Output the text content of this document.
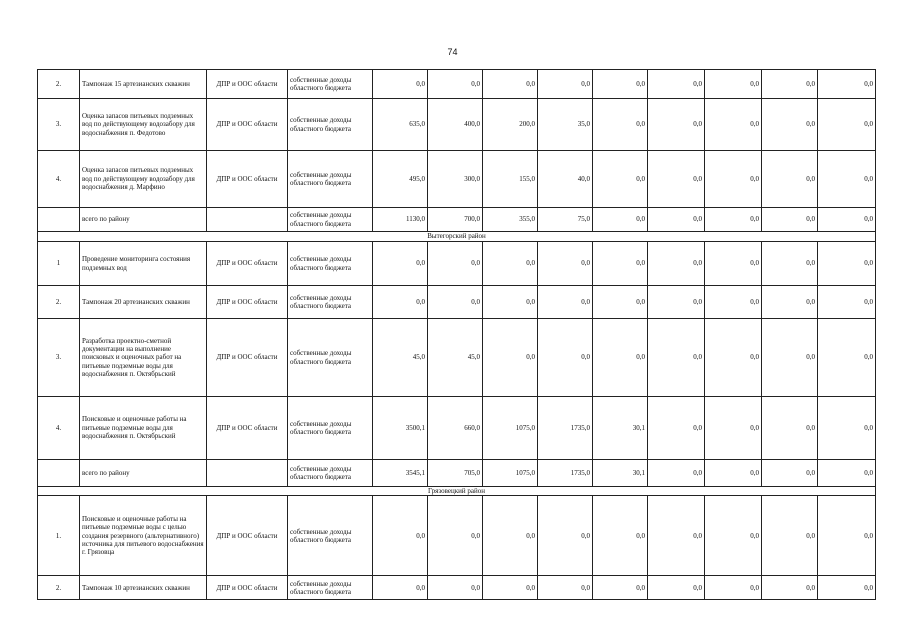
74
2.	Тампонаж 15 артезианских скважин	ДПР и ООС области	собственные доходы областного бюджета	0,0	0,0	0,0	0,0	0,0	0,0	0,0	0,0	0,0
3.	Оценка запасов питьевых подземных вод по действующему водозабору для водоснабжения п. Федотово	ДПР и ООС области	собственные доходы областного бюджета	635,0	400,0	200,0	35,0	0,0	0,0	0,0	0,0	0,0
4.	Оценка запасов питьевых подземных вод по действующему водозабору для водоснабжения д. Марфино	ДПР и ООС области	собственные доходы областного бюджета	495,0	300,0	155,0	40,0	0,0	0,0	0,0	0,0	0,0
	всего по району		собственные доходы областного бюджета	1130,0	700,0	355,0	75,0	0,0	0,0	0,0	0,0	0,0
Вытегорский район												
1	Проведение мониторинга состояния подземных вод	ДПР и ООС области	собственные доходы областного бюджета	0,0	0,0	0,0	0,0	0,0	0,0	0,0	0,0	0,0
2.	Тампонаж 20 артезианских скважин	ДПР и ООС области	собственные доходы областного бюджета	0,0	0,0	0,0	0,0	0,0	0,0	0,0	0,0	0,0
3.	Разработка проектно-сметной документации на выполнение поисковых и оценочных работ на питьевые подземные воды для водоснабжения п. Октябрьский	ДПР и ООС области	собственные доходы областного бюджета	45,0	45,0	0,0	0,0	0,0	0,0	0,0	0,0	0,0
4.	Поисковые и оценочные работы на питьевые подземные воды для водоснабжения п. Октябрьский	ДПР и ООС области	собственные доходы областного бюджета	3500,1	660,0	1075,0	1735,0	30,1	0,0	0,0	0,0	0,0
	всего по району		собственные доходы областного бюджета	3545,1	705,0	1075,0	1735,0	30,1	0,0	0,0	0,0	0,0
Грязовецкий район												
1.	Поисковые и оценочные работы на питьевые подземные воды с целью создания резервного (альтернативного) источника для питьевого водоснабжения г. Грязовца	ДПР и ООС области	собственные доходы областного бюджета	0,0	0,0	0,0	0,0	0,0	0,0	0,0	0,0	0,0
2.	Тампонаж 10 артезианских скважин	ДПР и ООС области	собственные доходы областного бюджета	0,0	0,0	0,0	0,0	0,0	0,0	0,0	0,0	0,0
